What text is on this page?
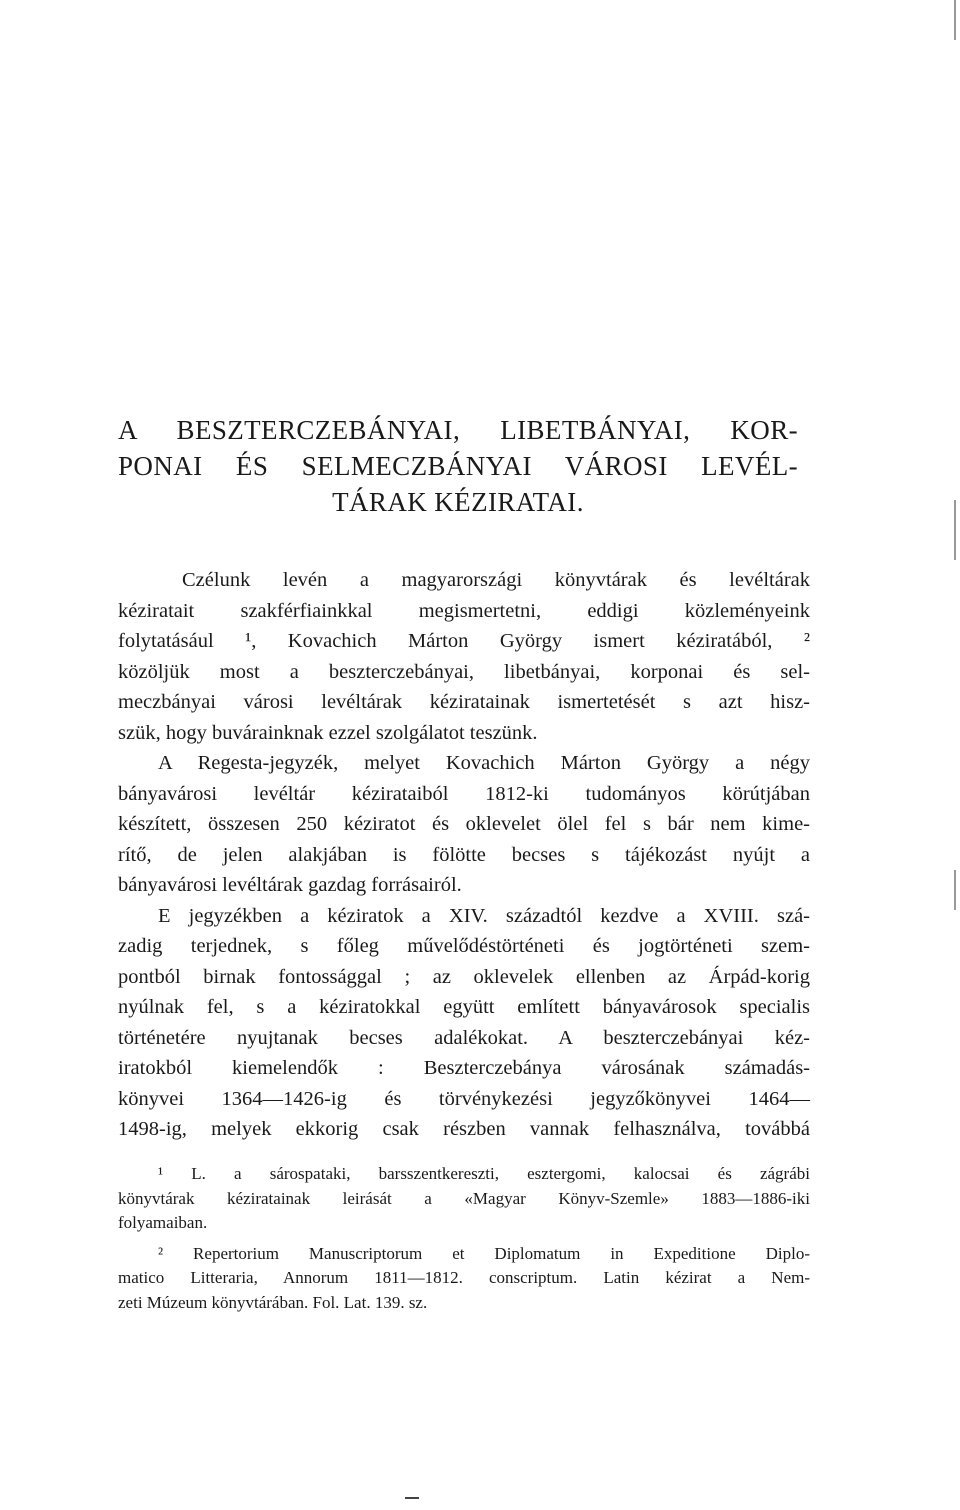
A BESZTERCZEBÁNYAI, LIBETBÁNYAI, KOR-
PONAI ÉS SELMECZBÁNYAI VÁROSI LEVÉL-
TÁRAK KÉZIRATAI.
Czélunk levén a magyarországi könyvtárak és levéltárak
kéziratait szakférfiainkkal megismertetni, eddigi közleményeink
folytatásául ¹, Kovachich Márton György ismert kéziratából, ²
közöljük most a beszterczebányai, libetbányai, korponai és sel-
meczbányai városi levéltárak kéziratainak ismertetését s azt hisz-
szük, hogy buvárainknak ezzel szolgálatot teszünk.
A Regesta-jegyzék, melyet Kovachich Márton György a négy
bányavárosi levéltár kézirataiból 1812-ki tudományos körútjában
készített, összesen 250 kéziratot és oklevelet ölel fel s bár nem kime-
rítő, de jelen alakjában is fölötte becses s tájékozást nyújt a
bányavárosi levéltárak gazdag forrásairól.
E jegyzékben a kéziratok a XIV. századtól kezdve a XVIII. szá-
zadig terjednek, s főleg művelődéstörténeti és jogtörténeti szem-
pontból birnak fontossággal ; az oklevelek ellenben az Árpád-korig
nyúlnak fel, s a kéziratokkal együtt említett bányavárosok specialis
történetére nyujtanak becses adalékokat. A beszterczebányai kéz-
iratokból kiemelendők : Beszterczebánya városának számadás-
könyvei 1364—1426-ig és törvénykezési jegyzőkönyvei 1464—
1498-ig, melyek ekkorig csak részben vannak felhasználva, továbbá
¹ L. a sárospataki, barsszentkereszti, esztergomi, kalocsai és zágrábi
könyvtárak kéziratainak leirását a «Magyar Könyv-Szemle» 1883—1886-iki
folyamaiban.
² Repertorium Manuscriptorum et Diplomatum in Expeditione Diplo-
matico Litteraria, Annorum 1811—1812. conscriptum. Latin kézirat a Nem-
zeti Múzeum könyvtárában. Fol. Lat. 139. sz.
